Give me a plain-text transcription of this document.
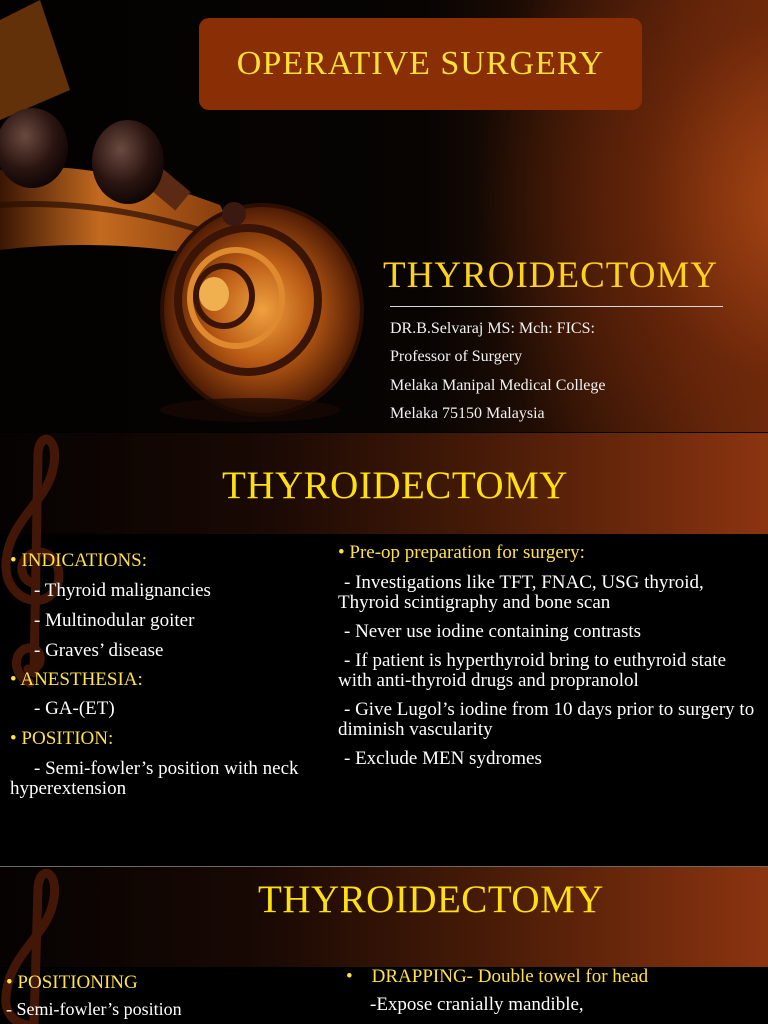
OPERATIVE SURGERY
THYROIDECTOMY
DR.B.Selvaraj MS: Mch: FICS:
Professor of Surgery
Melaka Manipal Medical College
Melaka 75150 Malaysia
THYROIDECTOMY

• INDICATIONS:

- Thyroid malignancies

- Multinodular goiter

- Graves’ disease

• ANESTHESIA:

- GA-(ET)

• POSITION:

- Semi-fowler’s position with neck hyperextension

• Pre-op preparation for surgery:

- Investigations like TFT, FNAC, USG thyroid, Thyroid scintigraphy and bone scan

- Never use iodine containing contrasts

- If patient is hyperthyroid bring to euthyroid state with anti-thyroid drugs and propranolol

- Give Lugol’s iodine from 10 days prior to surgery to diminish vascularity

- Exclude MEN sydromes

THYROIDECTOMY

• POSITIONING

- Semi-fowler’s position

•    DRAPPING- Double towel for head

-Expose cranially mandible,
